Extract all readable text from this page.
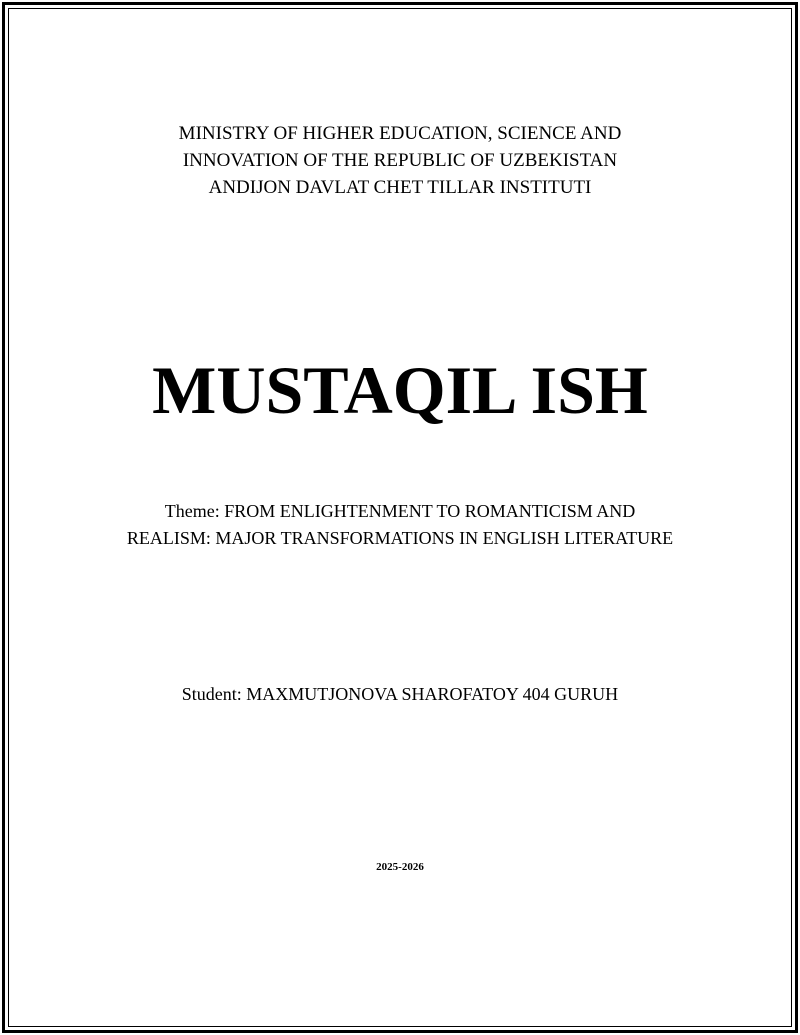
MINISTRY OF HIGHER EDUCATION, SCIENCE AND
INNOVATION OF THE REPUBLIC OF UZBEKISTAN
ANDIJON DAVLAT CHET TILLAR INSTITUTI
MUSTAQIL ISH
Theme: FROM ENLIGHTENMENT TO ROMANTICISM AND
REALISM: MAJOR TRANSFORMATIONS IN ENGLISH LITERATURE
Student: MAXMUTJONOVA SHAROFATOY 404 GURUH
2025-2026
